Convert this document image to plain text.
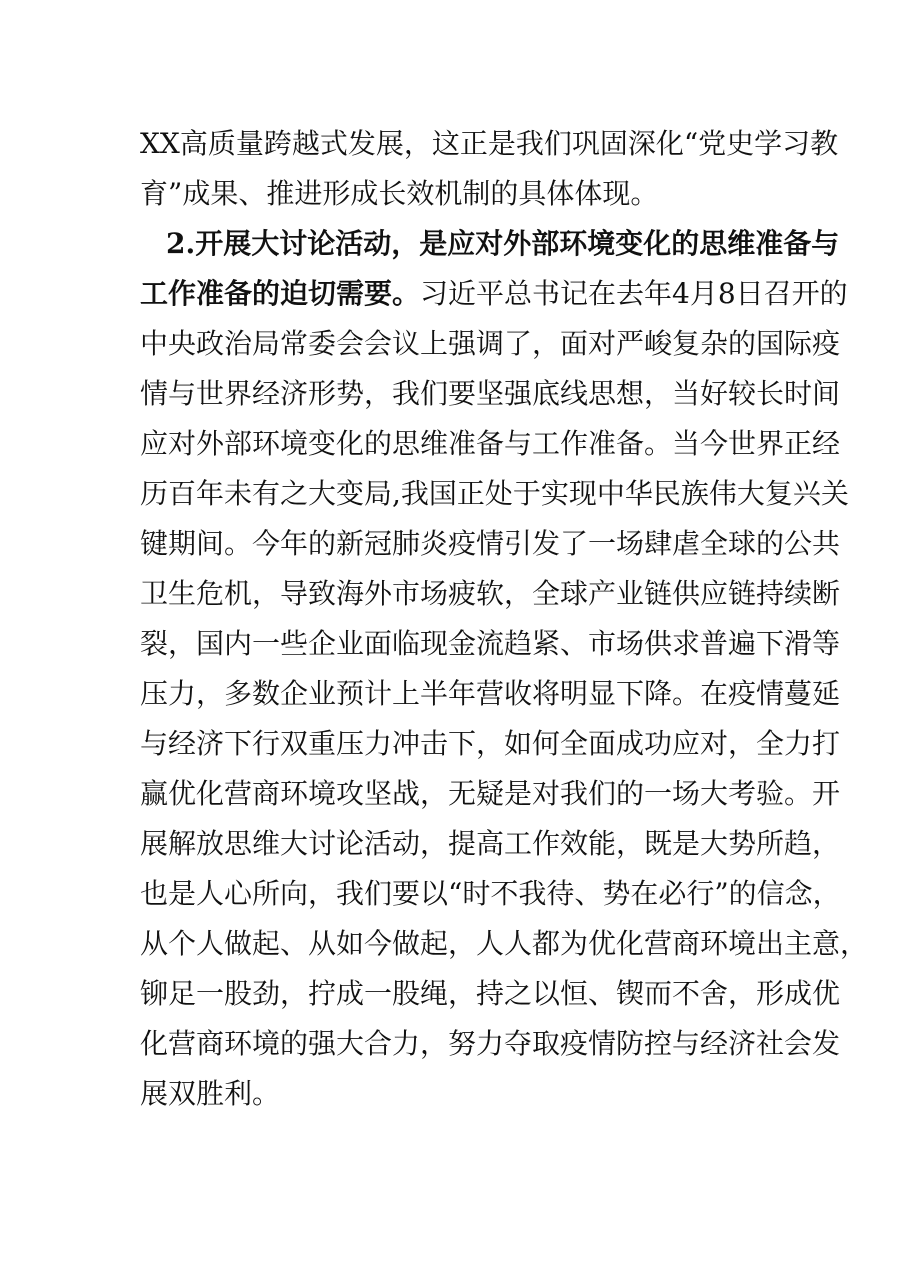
XX高质量跨越式发展，这正是我们巩固深化“党史学习教
育”成果、推进形成长效机制的具体体现。
2.开展大讨论活动，是应对外部环境变化的思维准备与
工作准备的迫切需要。习近平总书记在去年4月8日召开的
中央政治局常委会会议上强调了，面对严峻复杂的国际疫
情与世界经济形势，我们要坚强底线思想，当好较长时间
应对外部环境变化的思维准备与工作准备。当今世界正经
历百年未有之大变局,我国正处于实现中华民族伟大复兴关
键期间。今年的新冠肺炎疫情引发了一场肆虐全球的公共
卫生危机，导致海外市场疲软，全球产业链供应链持续断
裂，国内一些企业面临现金流趋紧、市场供求普遍下滑等
压力，多数企业预计上半年营收将明显下降。在疫情蔓延
与经济下行双重压力冲击下，如何全面成功应对，全力打
赢优化营商环境攻坚战，无疑是对我们的一场大考验。开
展解放思维大讨论活动，提高工作效能，既是大势所趋，
也是人心所向，我们要以“时不我待、势在必行”的信念，
从个人做起、从如今做起，人人都为优化营商环境出主意，
铆足一股劲，拧成一股绳，持之以恒、锲而不舍，形成优
化营商环境的强大合力，努力夺取疫情防控与经济社会发
展双胜利。
